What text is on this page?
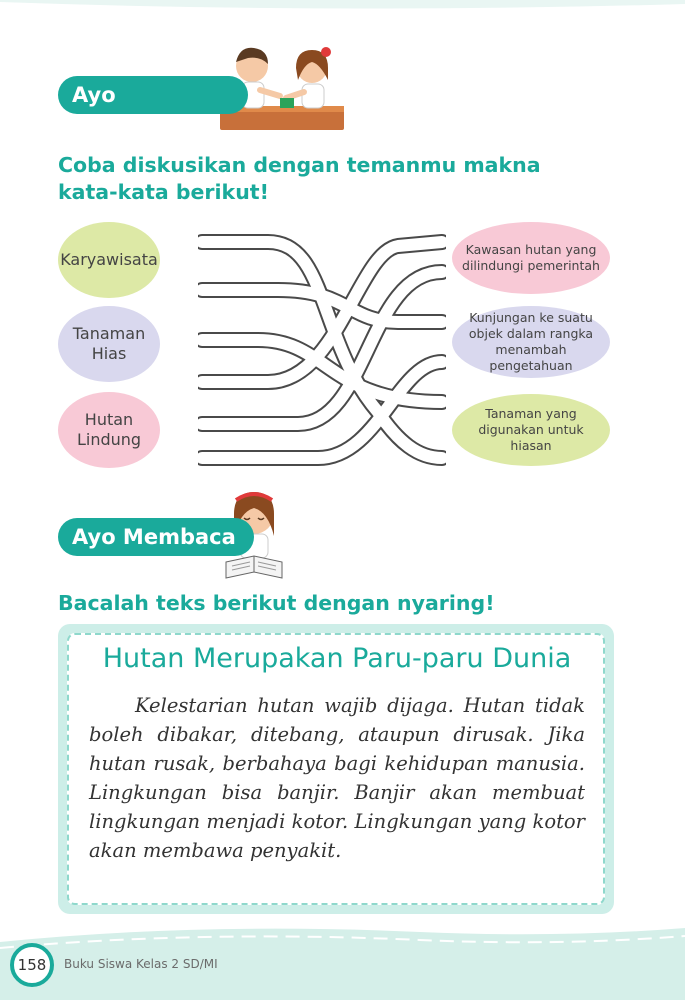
Ayo Berdiskusi
Coba diskusikan dengan temanmu makna kata-kata berikut!
Karyawisata
Tanaman Hias
Hutan Lindung
Kawasan hutan yang dilindungi pemerintah
Kunjungan ke suatu objek dalam rangka menambah pengetahuan
Tanaman yang digunakan untuk hiasan
Ayo Membaca
Bacalah teks berikut dengan nyaring!
Hutan Merupakan Paru-paru Dunia
Kelestarian hutan wajib dijaga. Hutan tidak boleh dibakar, ditebang, ataupun dirusak. Jika hutan rusak, berbahaya bagi kehidupan manusia. Lingkungan bisa banjir. Banjir akan membuat lingkungan menjadi kotor. Lingkungan yang kotor akan membawa penyakit.
158	Buku Siswa Kelas 2 SD/MI
